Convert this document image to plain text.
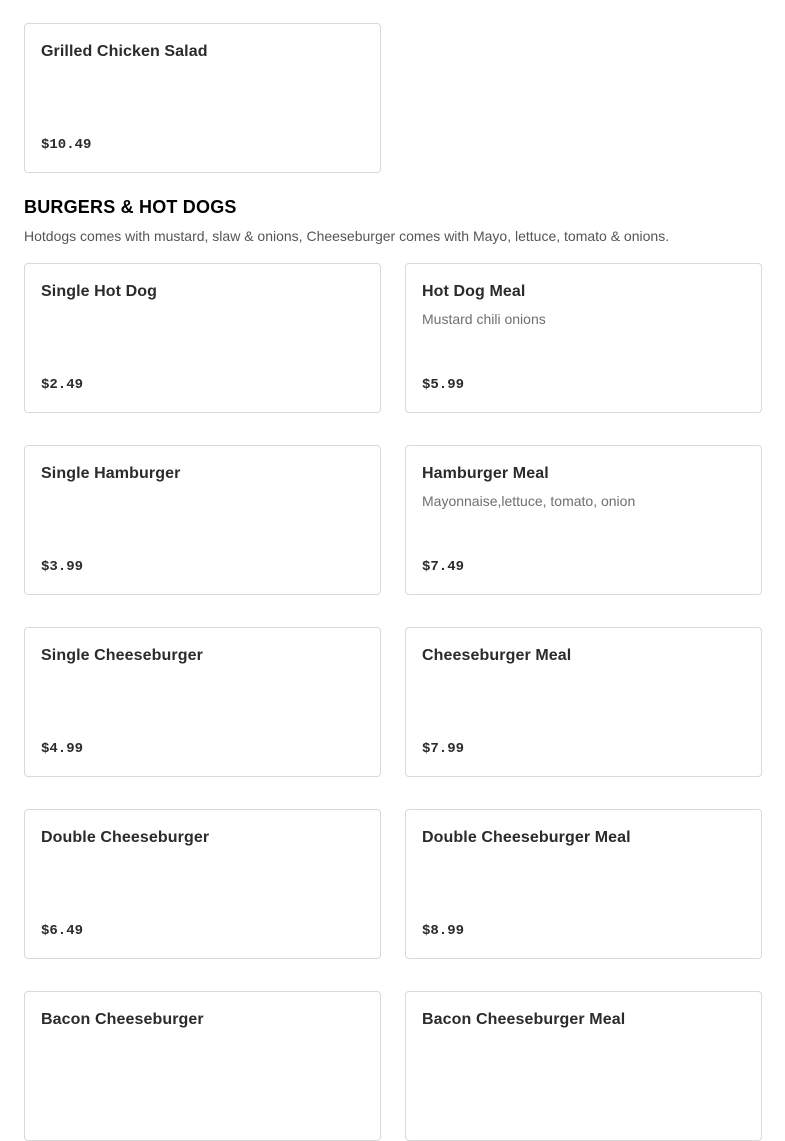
Grilled Chicken Salad
$10.49
BURGERS & HOT DOGS

Hotdogs comes with mustard, slaw & onions, Cheeseburger comes with Mayo, lettuce, tomato & onions.

Single Hot Dog
$2.49
Hot Dog Meal
Mustard chili onions
$5.99
Single Hamburger
$3.99
Hamburger Meal
Mayonnaise,lettuce, tomato, onion
$7.49
Single Cheeseburger
$4.99
Cheeseburger Meal
$7.99
Double Cheeseburger
$6.49
Double Cheeseburger Meal
$8.99
Bacon Cheeseburger	Bacon Cheeseburger Meal
